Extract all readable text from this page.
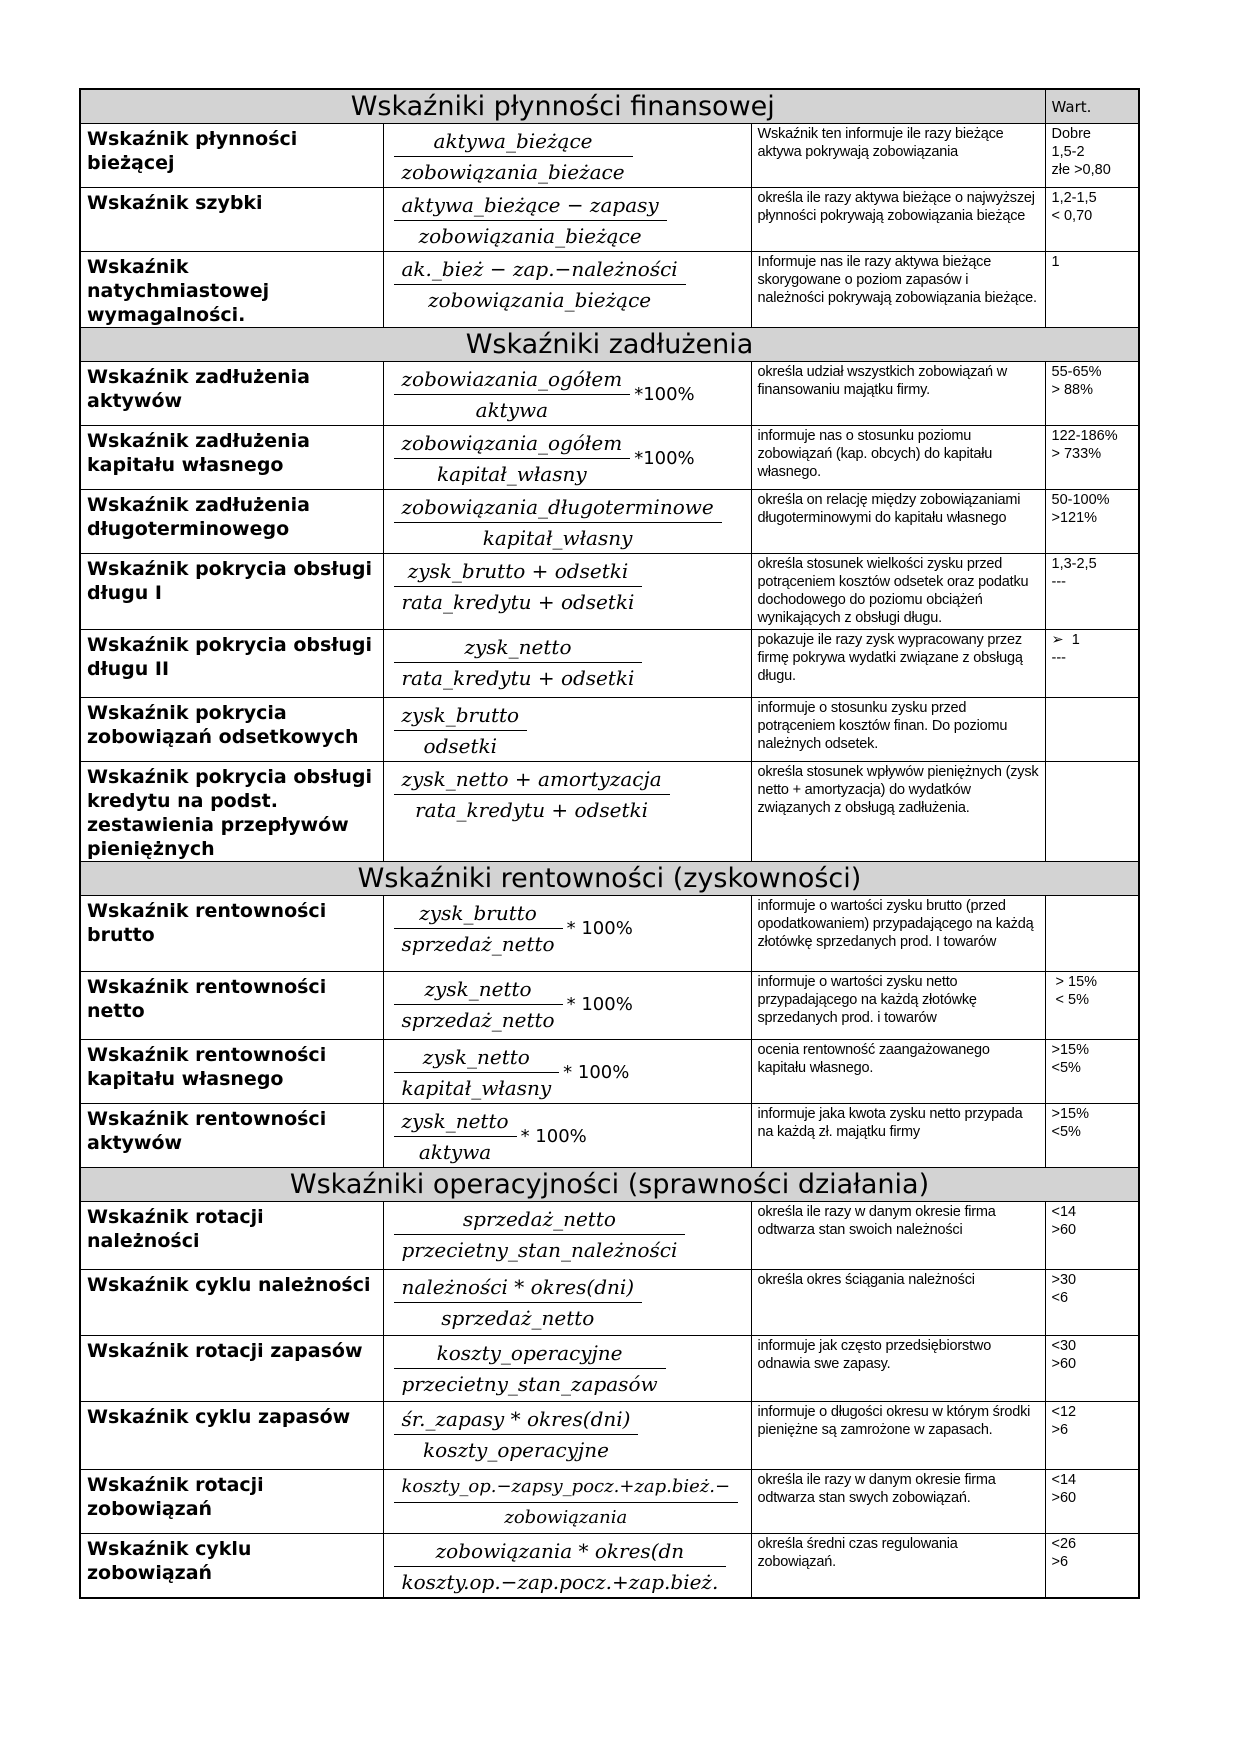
Wskaźniki płynności finansowej			Wart.

Wskaźnik płynności bieżącej	$\frac{\text{aktywa\_bieżące}}{\text{zobowiązania\_bieżace}}$	Wskaźnik ten informuje ile razy bieżące aktywa pokrywają zobowiązania	Dobre
1,5-2
złe >0,80

Wskaźnik szybki	$\frac{\text{aktywa\_bieżące − zapasy}}{\text{zobowiązania\_bieżące}}$	określa ile razy aktywa bieżące o najwyższej płynności pokrywają zobowiązania bieżące	1,2-1,5
< 0,70

Wskaźnik natychmiastowej wymagalności.	$\frac{\text{ak.\_bież − zap.−należności}}{\text{zobowiązania\_bieżące}}$	Informuje nas ile razy aktywa bieżące skorygowane o poziom zapasów i należności pokrywają zobowiązania bieżące.	1

Wskaźniki zadłużenia			

Wskaźnik zadłużenia aktywów	$\frac{\text{zobowiazania\_ogółem}}{\text{aktywa}} *100\%$	określa udział wszystkich zobowiązań w finansowaniu majątku firmy.	55-65%
> 88%

Wskaźnik zadłużenia kapitału własnego	$\frac{\text{zobowiązania\_ogółem}}{\text{kapitał\_własny}} *100\%$	informuje nas o stosunku poziomu zobowiązań (kap. obcych) do kapitału własnego.	122-186%
> 733%

Wskaźnik zadłużenia długoterminowego	$\frac{\text{zobowiązania\_długoterminowe}}{\text{kapitał\_własny}}$	określa on relację między zobowiązaniami długoterminowymi do kapitału własnego	50-100%
>121%

Wskaźnik pokrycia obsługi długu I	$\frac{\text{zysk\_brutto + odsetki}}{\text{rata\_kredytu + odsetki}}$	określa stosunek wielkości zysku przed potrąceniem kosztów odsetek oraz podatku dochodowego do poziomu obciążeń wynikających z obsługi długu.	1,3-2,5
---

Wskaźnik pokrycia obsługi długu II	$\frac{\text{zysk\_netto}}{\text{rata\_kredytu + odsetki}}$	pokazuje ile razy zysk wypracowany przez firmę pokrywa wydatki związane z obsługą długu.	➢  1
---

Wskaźnik pokrycia zobowiązań odsetkowych	$\frac{\text{zysk\_brutto}}{\text{odsetki}}$	informuje o stosunku zysku przed potrąceniem kosztów finan. Do poziomu należnych odsetek.	

Wskaźnik pokrycia obsługi kredytu na podst. zestawienia przepływów pieniężnych	$\frac{\text{zysk\_netto + amortyzacja}}{\text{rata\_kredytu + odsetki}}$	określa stosunek wpływów pieniężnych (zysk netto + amortyzacja) do wydatków związanych z obsługą zadłużenia.	

Wskaźniki rentowności (zyskowności)			

Wskaźnik rentowności brutto	$\frac{\text{zysk\_brutto}}{\text{sprzedaż\_netto}} * 100\%$	informuje o wartości zysku brutto (przed opodatkowaniem) przypadającego na każdą złotówkę sprzedanych prod. I towarów	

Wskaźnik rentowności netto	$\frac{\text{zysk\_netto}}{\text{sprzedaż\_netto}} * 100\%$	informuje o wartości zysku netto przypadającego na każdą złotówkę sprzedanych prod. i towarów	> 15%
< 5%

Wskaźnik rentowności kapitału własnego	$\frac{\text{zysk\_netto}}{\text{kapitał\_własny}} * 100\%$	ocenia rentowność zaangażowanego kapitału własnego.	>15%
<5%

Wskaźnik rentowności aktywów	$\frac{\text{zysk\_netto}}{\text{aktywa}} * 100\%$	informuje jaka kwota zysku netto przypada na każdą zł. majątku firmy	>15%
<5%

Wskaźniki operacyjności (sprawności działania)			

Wskaźnik rotacji należności	$\frac{\text{sprzedaż\_netto}}{\text{przecietny\_stan\_należności}}$	określa ile razy w danym okresie firma odtwarza stan swoich należności	<14
>60

Wskaźnik cyklu należności	$\frac{\text{należności * okres(dni)}}{\text{sprzedaż\_netto}}$	określa okres ściągania należności	>30
<6

Wskaźnik rotacji zapasów	$\frac{\text{koszty\_operacyjne}}{\text{przecietny\_stan\_zapasów}}$	informuje jak często przedsiębiorstwo odnawia swe zapasy.	<30
>60

Wskaźnik cyklu zapasów	$\frac{\text{śr.\_zapasy * okres(dni)}}{\text{koszty\_operacyjne}}$	informuje o długości okresu w którym środki pieniężne są zamrożone w zapasach.	<12
>6

Wskaźnik rotacji zobowiązań	$\frac{\text{koszty\_op.−zapsy\_pocz.+zap.bież.−}}{\text{zobowiązania}}$	określa ile razy w danym okresie firma odtwarza stan swych zobowiązań.	<14
>60

Wskaźnik cyklu zobowiązań	$\frac{\text{zobowiązania * okres(dn}}{\text{koszty.op.−zap.pocz.+zap.bież.}}$	określa średni czas regulowania zobowiązań.	<26
>6
